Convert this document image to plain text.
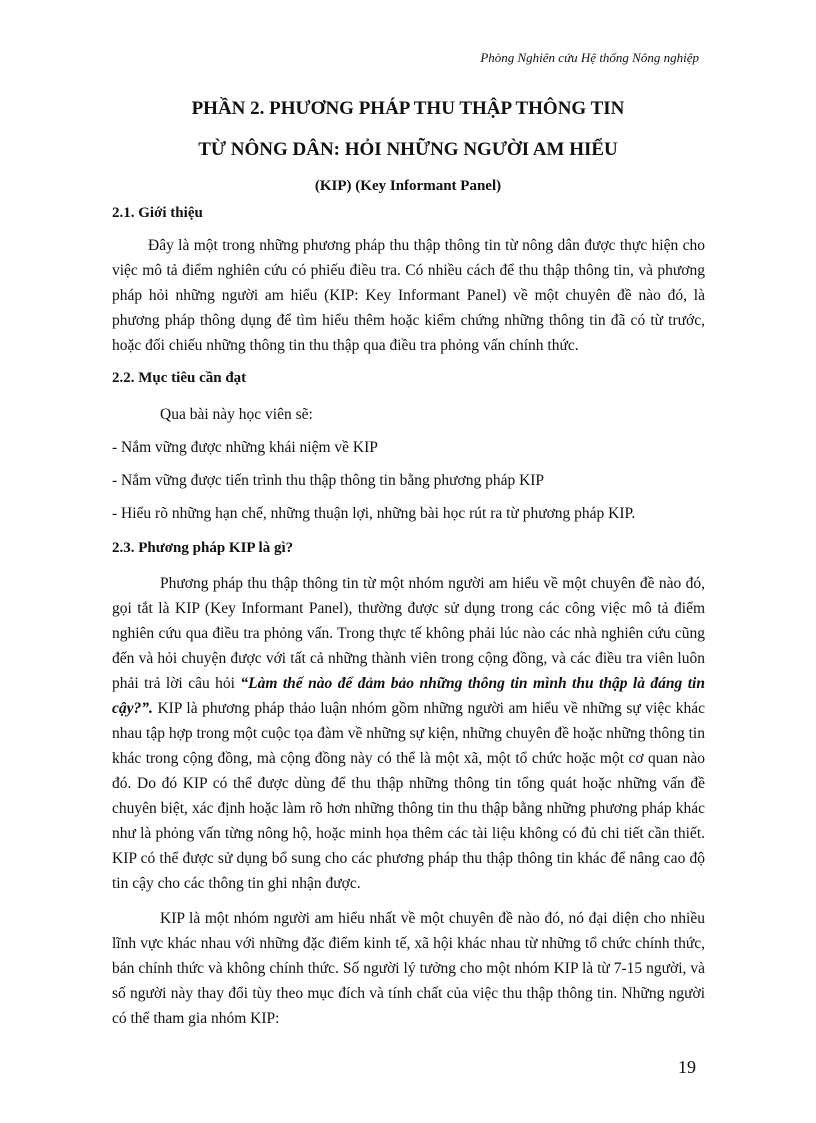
Phòng Nghiên cứu Hệ thống Nông nghiệp
PHẦN 2. PHƯƠNG PHÁP THU THẬP THÔNG TIN
TỪ NÔNG DÂN: HỎI NHỮNG NGƯỜI AM HIỂU
(KIP) (Key Informant Panel)
2.1. Giới thiệu

Đây là một trong những phương pháp thu thập thông tin từ nông dân được thực hiện cho việc mô tả điểm nghiên cứu có phiếu điều tra. Có nhiều cách để thu thập thông tin, và phương pháp hỏi những người am hiểu (KIP: Key Informant Panel) về một chuyên đề nào đó, là phương pháp thông dụng để tìm hiểu thêm hoặc kiểm chứng những thông tin đã có từ trước, hoặc đối chiếu những thông tin thu thập qua điều tra phỏng vấn chính thức.

2.2. Mục tiêu cần đạt

Qua bài này học viên sẽ:

- Nắm vững được những khái niệm về KIP

- Nắm vững được tiến trình thu thập thông tin bằng phương pháp KIP

- Hiểu rõ những hạn chế, những thuận lợi, những bài học rút ra từ phương pháp KIP.

2.3. Phương pháp KIP là gì?

Phương pháp thu thập thông tin từ một nhóm người am hiểu về một chuyên đề nào đó, gọi tắt là KIP (Key Informant Panel), thường được sử dụng trong các công việc mô tả điểm nghiên cứu qua điều tra phỏng vấn. Trong thực tế không phải lúc nào các nhà nghiên cứu cũng đến và hỏi chuyện được với tất cả những thành viên trong cộng đồng, và các điều tra viên luôn phải trả lời câu hỏi “Làm thế nào để đảm bảo những thông tin mình thu thập là đáng tin cậy?”. KIP là phương pháp thảo luận nhóm gồm những người am hiểu về những sự việc khác nhau tập hợp trong một cuộc tọa đàm về những sự kiện, những chuyên đề hoặc những thông tin khác trong cộng đồng, mà cộng đồng này có thể là một xã, một tổ chức hoặc một cơ quan nào đó. Do đó KIP có thể được dùng để thu thập những thông tin tổng quát hoặc những vấn đề chuyên biệt, xác định hoặc làm rõ hơn những thông tin thu thập bằng những phương pháp khác như là phỏng vấn từng nông hộ, hoặc minh họa thêm các tài liệu không có đủ chi tiết cần thiết. KIP có thể được sử dụng bổ sung cho các phương pháp thu thập thông tin khác để nâng cao độ tin cậy cho các thông tin ghi nhận được.

KIP là một nhóm người am hiểu nhất về một chuyên đề nào đó, nó đại diện cho nhiều lĩnh vực khác nhau với những đặc điểm kinh tế, xã hội khác nhau từ những tổ chức chính thức, bán chính thức và không chính thức. Số người lý tưởng cho một nhóm KIP là từ 7-15 người, và số người này thay đổi tùy theo mục đích và tính chất của việc thu thập thông tin. Những người có thể tham gia nhóm KIP:

19
